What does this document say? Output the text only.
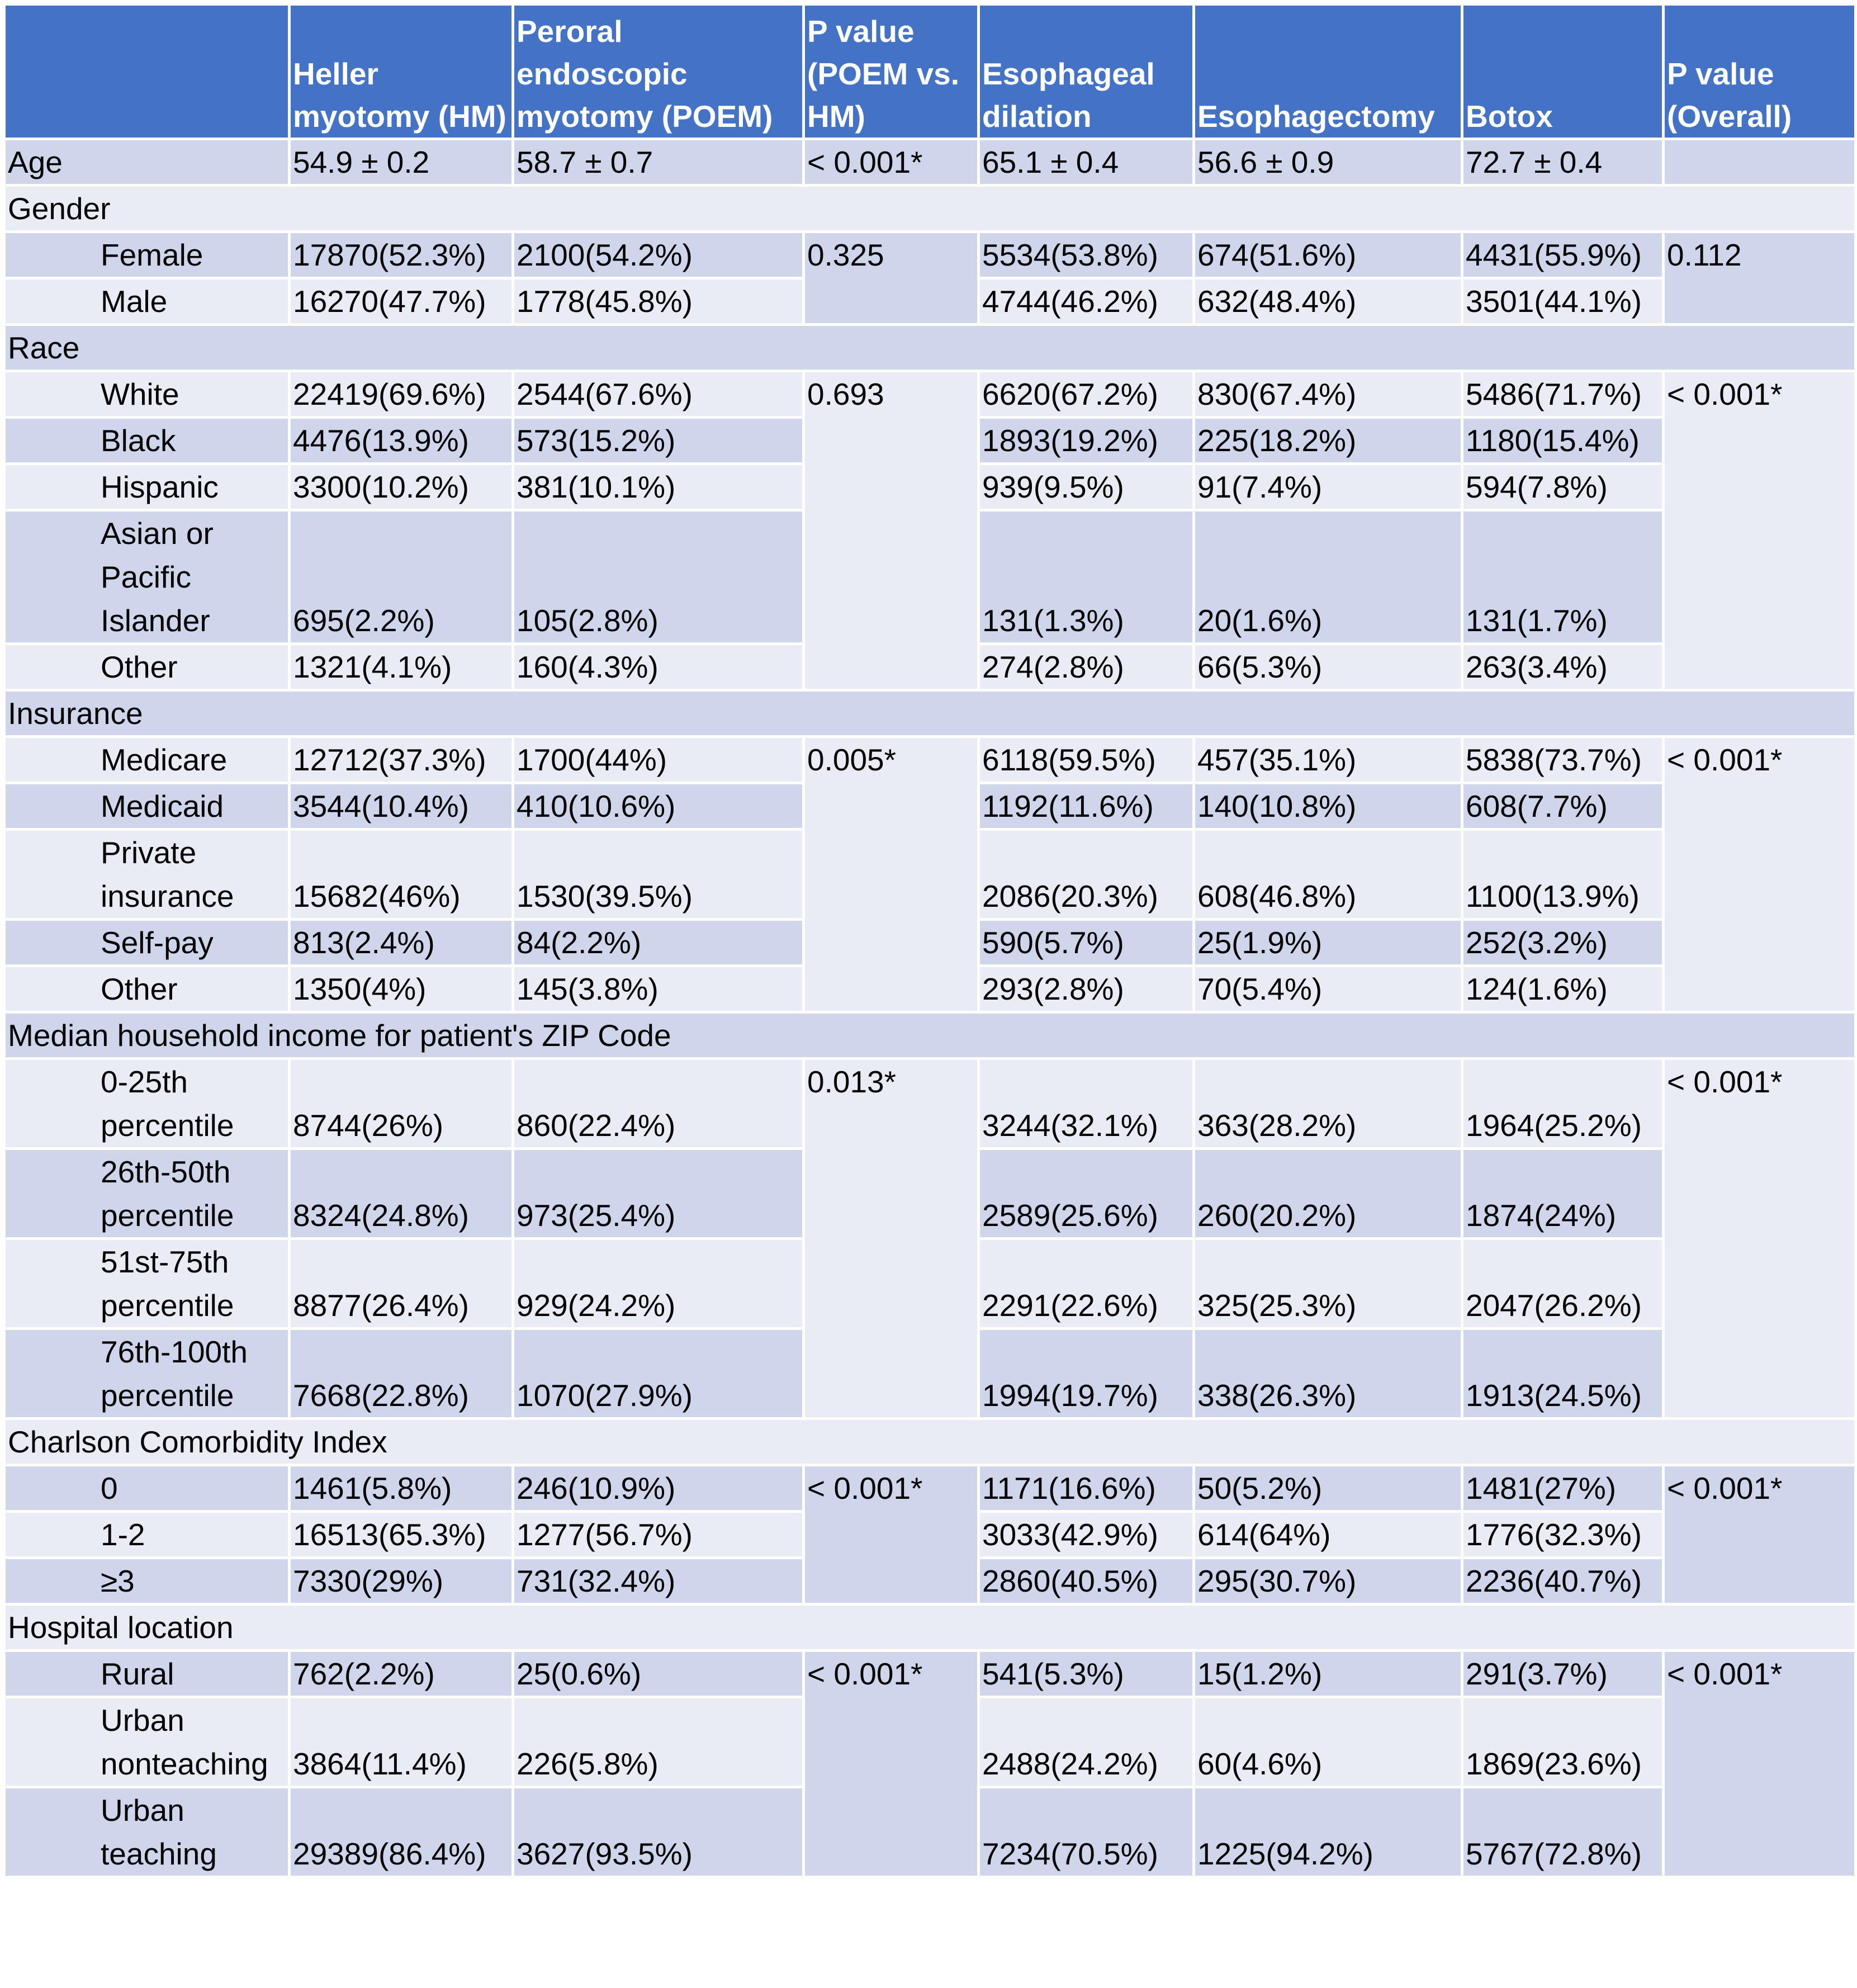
	Heller myotomy (HM)	Peroral endoscopic myotomy (POEM)	P value (POEM vs. HM)	Esophageal dilation	Esophagectomy	Botox	P value (Overall)
Age	54.9 ± 0.2	58.7 ± 0.7	< 0.001*	65.1 ± 0.4	56.6 ± 0.9	72.7 ± 0.4	
Gender							
Female	17870(52.3%)	2100(54.2%)	0.325	5534(53.8%)	674(51.6%)	4431(55.9%)	0.112
Male	16270(47.7%)	1778(45.8%)		4744(46.2%)	632(48.4%)	3501(44.1%)	
Race							
White	22419(69.6%)	2544(67.6%)	0.693	6620(67.2%)	830(67.4%)	5486(71.7%)	< 0.001*
Black	4476(13.9%)	573(15.2%)		1893(19.2%)	225(18.2%)	1180(15.4%)	
Hispanic	3300(10.2%)	381(10.1%)		939(9.5%)	91(7.4%)	594(7.8%)	
Asian or Pacific Islander	695(2.2%)	105(2.8%)		131(1.3%)	20(1.6%)	131(1.7%)	
Other	1321(4.1%)	160(4.3%)		274(2.8%)	66(5.3%)	263(3.4%)	
Insurance							
Medicare	12712(37.3%)	1700(44%)	0.005*	6118(59.5%)	457(35.1%)	5838(73.7%)	< 0.001*
Medicaid	3544(10.4%)	410(10.6%)		1192(11.6%)	140(10.8%)	608(7.7%)	
Private insurance	15682(46%)	1530(39.5%)		2086(20.3%)	608(46.8%)	1100(13.9%)	
Self-pay	813(2.4%)	84(2.2%)		590(5.7%)	25(1.9%)	252(3.2%)	
Other	1350(4%)	145(3.8%)		293(2.8%)	70(5.4%)	124(1.6%)	
Median household income for patient's ZIP Code							
0-25th percentile	8744(26%)	860(22.4%)	0.013*	3244(32.1%)	363(28.2%)	1964(25.2%)	< 0.001*
26th-50th percentile	8324(24.8%)	973(25.4%)		2589(25.6%)	260(20.2%)	1874(24%)	
51st-75th percentile	8877(26.4%)	929(24.2%)		2291(22.6%)	325(25.3%)	2047(26.2%)	
76th-100th percentile	7668(22.8%)	1070(27.9%)		1994(19.7%)	338(26.3%)	1913(24.5%)	
Charlson Comorbidity Index							
0	1461(5.8%)	246(10.9%)	< 0.001*	1171(16.6%)	50(5.2%)	1481(27%)	< 0.001*
1-2	16513(65.3%)	1277(56.7%)		3033(42.9%)	614(64%)	1776(32.3%)	
≥3	7330(29%)	731(32.4%)		2860(40.5%)	295(30.7%)	2236(40.7%)	
Hospital location							
Rural	762(2.2%)	25(0.6%)	< 0.001*	541(5.3%)	15(1.2%)	291(3.7%)	< 0.001*
Urban nonteaching	3864(11.4%)	226(5.8%)		2488(24.2%)	60(4.6%)	1869(23.6%)	
Urban teaching	29389(86.4%)	3627(93.5%)		7234(70.5%)	1225(94.2%)	5767(72.8%)	
